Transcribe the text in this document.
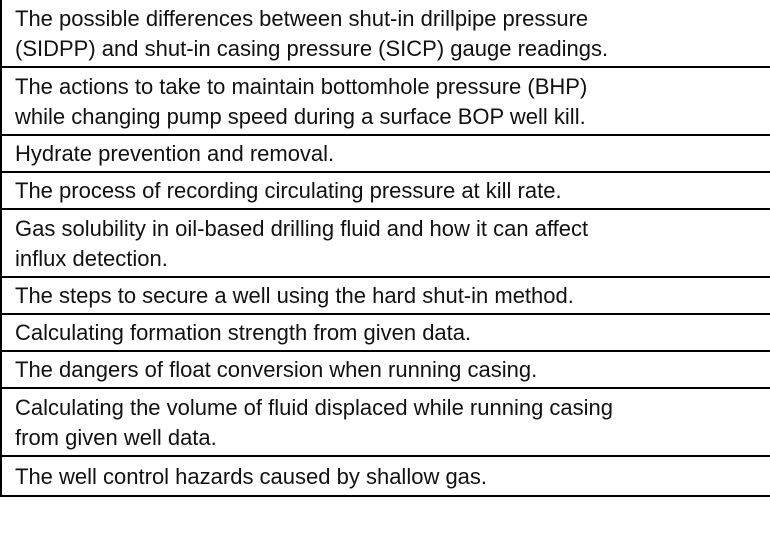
The possible differences between shut-in drillpipe pressure
(SIDPP) and shut-in casing pressure (SICP) gauge readings.
The actions to take to maintain bottomhole pressure (BHP)
while changing pump speed during a surface BOP well kill.
Hydrate prevention and removal.
The process of recording circulating pressure at kill rate.
Gas solubility in oil-based drilling fluid and how it can affect
influx detection.
The steps to secure a well using the hard shut-in method.
Calculating formation strength from given data.
The dangers of float conversion when running casing.
Calculating the volume of fluid displaced while running casing
from given well data.
The well control hazards caused by shallow gas.
